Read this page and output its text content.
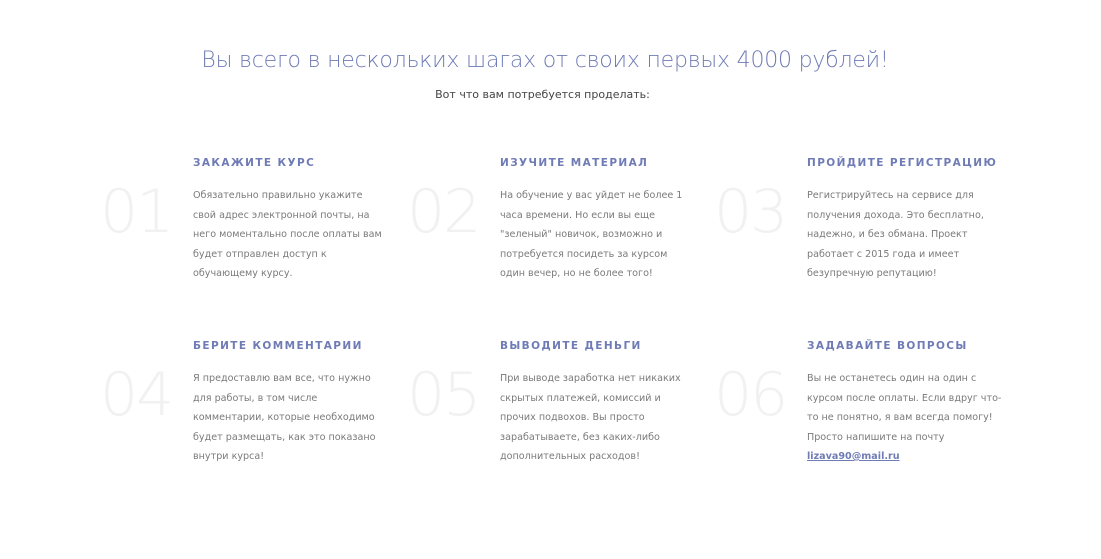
Вы всего в нескольких шагах от своих первых 4000 рублей!

Вот что вам потребуется проделать:

01
ЗАКАЖИТЕ КУРС

Обязательно правильно укажите свой адрес электронной почты, на него моментально после оплаты вам будет отправлен доступ к обучающему курсу.

02
ИЗУЧИТЕ МАТЕРИАЛ

На обучение у вас уйдет не более 1 часа времени. Но если вы еще "зеленый" новичок, возможно и потребуется посидеть за курсом один вечер, но не более того!

03
ПРОЙДИТЕ РЕГИСТРАЦИЮ

Регистрируйтесь на сервисе для получения дохода. Это бесплатно, надежно, и без обмана. Проект работает с 2015 года и имеет безупречную репутацию!

04
БЕРИТЕ КОММЕНТАРИИ

Я предоставлю вам все, что нужно для работы, в том числе комментарии, которые необходимо будет размещать, как это показано внутри курса!

05
ВЫВОДИТЕ ДЕНЬГИ

При выводе заработка нет никаких скрытых платежей, комиссий и прочих подвохов. Вы просто зарабатываете, без каких-либо дополнительных расходов!

06
ЗАДАВАЙТЕ ВОПРОСЫ

Вы не останетесь один на один с курсом после оплаты. Если вдруг что-то не понятно, я вам всегда помогу! Просто напишите на почту lizava90@mail.ru
